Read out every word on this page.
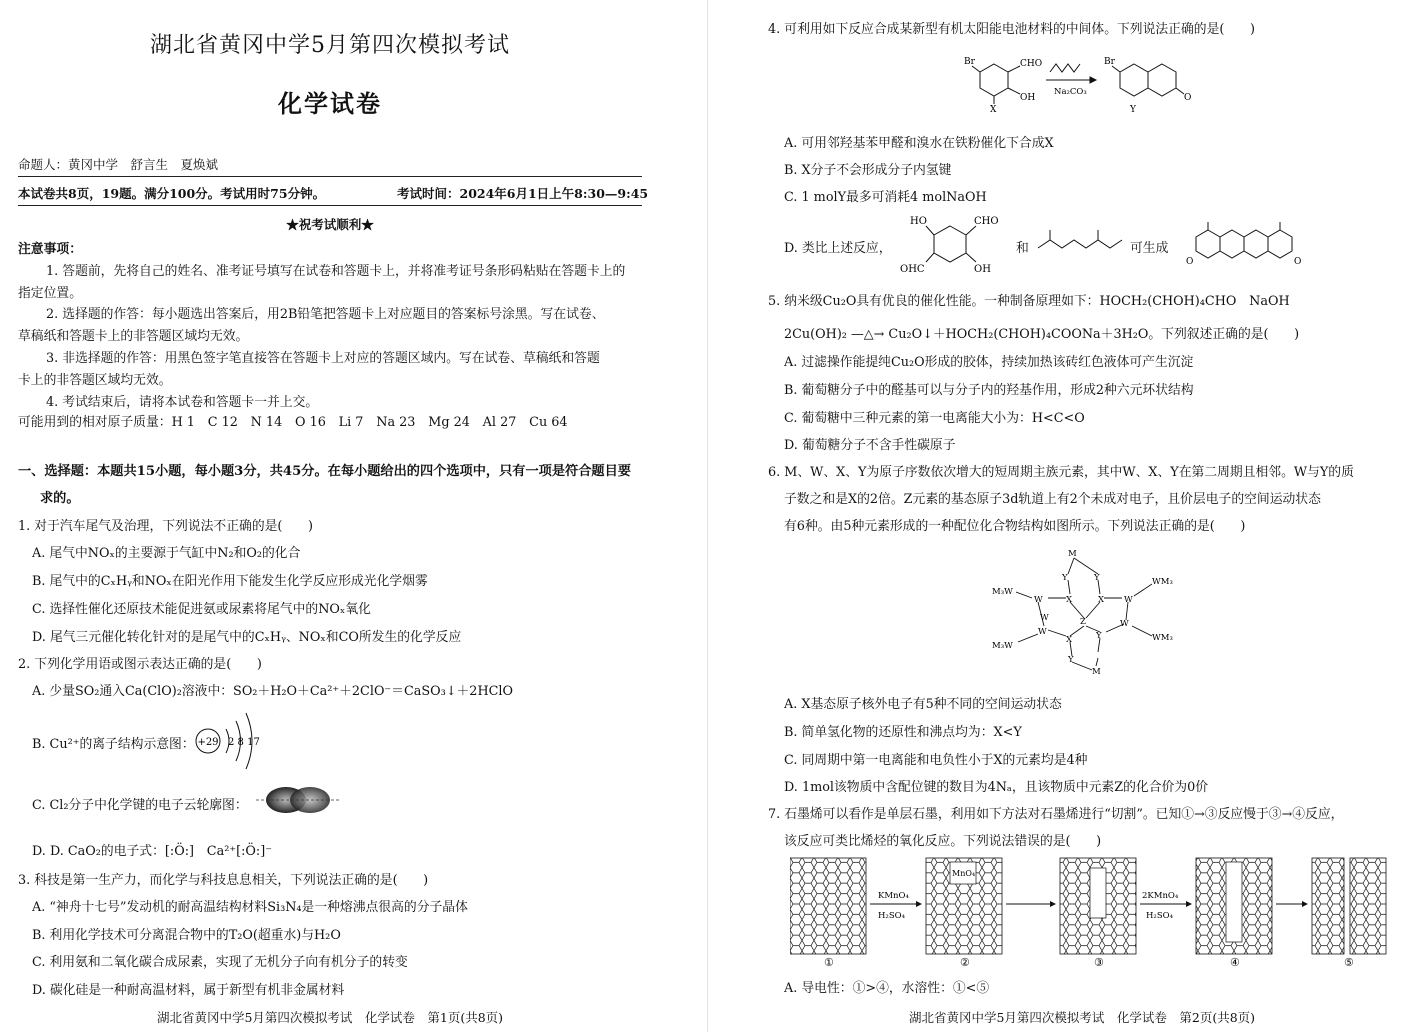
湖北省黄冈中学5月第四次模拟考试
化学试卷
命题人：黄冈中学　舒言生　夏焕斌
本试卷共8页，19题。满分100分。考试用时75分钟。	考试时间：2024年6月1日上午8:30—9:45
★祝考试顺利★
注意事项：
1. 答题前，先将自己的姓名、准考证号填写在试卷和答题卡上，并将准考证号条形码粘贴在答题卡上的
指定位置。
2. 选择题的作答：每小题选出答案后，用2B铅笔把答题卡上对应题目的答案标号涂黑。写在试卷、
草稿纸和答题卡上的非答题区域均无效。
3. 非选择题的作答：用黑色签字笔直接答在答题卡上对应的答题区域内。写在试卷、草稿纸和答题
卡上的非答题区域均无效。
4. 考试结束后，请将本试卷和答题卡一并上交。
可能用到的相对原子质量：H 1　C 12　N 14　O 16　Li 7　Na 23　Mg 24　Al 27　Cu 64
一、选择题：本题共15小题，每小题3分，共45分。在每小题给出的四个选项中，只有一项是符合题目要
求的。
1. 对于汽车尾气及治理，下列说法不正确的是(　　)
A. 尾气中NOₓ的主要源于气缸中N₂和O₂的化合
B. 尾气中的CₓHᵧ和NOₓ在阳光作用下能发生化学反应形成光化学烟雾
C. 选择性催化还原技术能促进氨或尿素将尾气中的NOₓ氧化
D. 尾气三元催化转化针对的是尾气中的CₓHᵧ、NOₓ和CO所发生的化学反应
2. 下列化学用语或图示表达正确的是(　　)
A. 少量SO₂通入Ca(ClO)₂溶液中：SO₂＋H₂O＋Ca²⁺＋2ClO⁻＝CaSO₃↓＋2HClO
B. Cu²⁺的离子结构示意图： +29 2 8 17
C. Cl₂分子中化学键的电子云轮廓图：
D. D. CaO₂的电子式：[:Ö:]　Ca²⁺[:Ö:]⁻
3. 科技是第一生产力，而化学与科技息息相关，下列说法正确的是(　　)
A. “神舟十七号”发动机的耐高温结构材料Si₃N₄是一种熔沸点很高的分子晶体
B. 利用化学技术可分离混合物中的T₂O(超重水)与H₂O
C. 利用氨和二氧化碳合成尿素，实现了无机分子向有机分子的转变
D. 碳化硅是一种耐高温材料，属于新型有机非金属材料
湖北省黄冈中学5月第四次模拟考试　化学试卷　第1页(共8页)
4. 可利用如下反应合成某新型有机太阳能电池材料的中间体。下列说法正确的是(　　)
Br	CHO
OH
Br
O
X	Y
Na₂CO₃
A. 可用邻羟基苯甲醛和溴水在铁粉催化下合成X
B. X分子不会形成分子内氢键
C. 1 molY最多可消耗4 molNaOH
D. 类比上述反应，
HO	CHO
OHC	OH
和	可生成
O	O
5. 纳米级Cu₂O具有优良的催化性能。一种制备原理如下：HOCH₂(CHOH)₄CHO　NaOH
2Cu(OH)₂ —△→ Cu₂O↓＋HOCH₂(CHOH)₄COONa＋3H₂O。下列叙述正确的是(　　)
A. 过滤操作能提纯Cu₂O形成的胶体，持续加热该砖红色液体可产生沉淀
B. 葡萄糖分子中的醛基可以与分子内的羟基作用，形成2种六元环状结构
C. 葡萄糖中三种元素的第一电离能大小为：H<C<O
D. 葡萄糖分子不含手性碳原子
6. M、W、X、Y为原子序数依次增大的短周期主族元素，其中W、X、Y在第二周期且相邻。W与Y的质
子数之和是X的2倍。Z元素的基态原子3d轨道上有2个未成对电子，且价层电子的空间运动状态
有6种。由5种元素形成的一种配位化合物结构如图所示。下列说法正确的是(　　)
M
Y	Y	WM₃
M₃W
W	X	X W
Z	W
WM₃
M₃W
W
X	Y
W
Y
M
A. X基态原子核外电子有5种不同的空间运动状态
B. 简单氢化物的还原性和沸点均为：X<Y
C. 同周期中第一电离能和电负性小于X的元素均是4种
D. 1mol该物质中含配位键的数目为4Nₐ，且该物质中元素Z的化合价为0价
7. 石墨烯可以看作是单层石墨，利用如下方法对石墨烯进行“切割”。已知①→③反应慢于③→④反应，
该反应可类比烯烃的氧化反应。下列说法错误的是(　　)
KMnO₄
H₂SO₄
MnO₄
2KMnO₄
H₂SO₄
①	②	③	④	⑤
A. 导电性：①>④，水溶性：①<⑤
湖北省黄冈中学5月第四次模拟考试　化学试卷　第2页(共8页)
